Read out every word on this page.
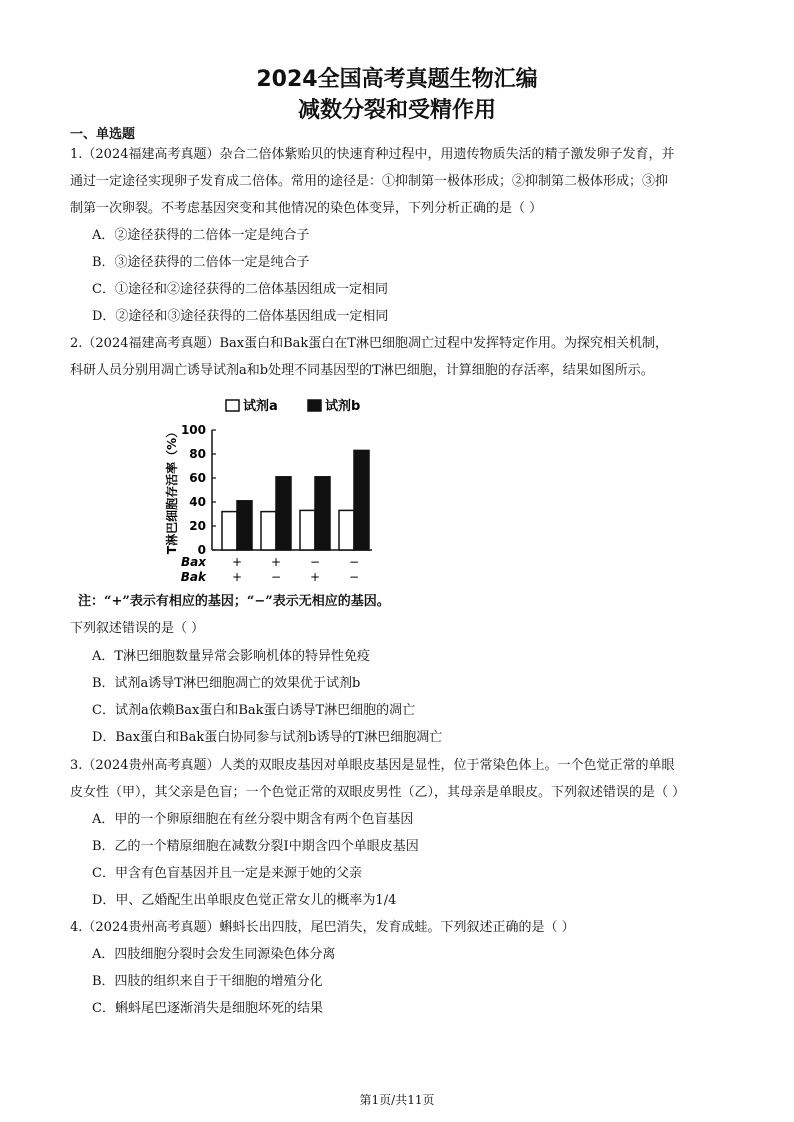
2024全国高考真题生物汇编
减数分裂和受精作用
一、单选题
1.（2024福建高考真题）杂合二倍体紫贻贝的快速育种过程中，用遗传物质失活的精子激发卵子发育，并
通过一定途径实现卵子发育成二倍体。常用的途径是：①抑制第一极体形成；②抑制第二极体形成；③抑
制第一次卵裂。不考虑基因突变和其他情况的染色体变异，下列分析正确的是（ ）
A．②途径获得的二倍体一定是纯合子
B．③途径获得的二倍体一定是纯合子
C．①途径和②途径获得的二倍体基因组成一定相同
D．②途径和③途径获得的二倍体基因组成一定相同
2.（2024福建高考真题）Bax蛋白和Bak蛋白在T淋巴细胞凋亡过程中发挥特定作用。为探究相关机制，
科研人员分别用凋亡诱导试剂a和b处理不同基因型的T淋巴细胞，计算细胞的存活率，结果如图所示。
试剂a	试剂b
0
20
40
60
80
100
T淋巴细胞存活率（%）
+
+
+
−
−
+
−
−
Bax
Bak
注：“+”表示有相应的基因；“−”表示无相应的基因。
下列叙述错误的是（ ）
A．T淋巴细胞数量异常会影响机体的特异性免疫
B．试剂a诱导T淋巴细胞凋亡的效果优于试剂b
C．试剂a依赖Bax蛋白和Bak蛋白诱导T淋巴细胞的凋亡
D．Bax蛋白和Bak蛋白协同参与试剂b诱导的T淋巴细胞凋亡
3.（2024贵州高考真题）人类的双眼皮基因对单眼皮基因是显性，位于常染色体上。一个色觉正常的单眼
皮女性（甲），其父亲是色盲；一个色觉正常的双眼皮男性（乙），其母亲是单眼皮。下列叙述错误的是（ ）
A．甲的一个卵原细胞在有丝分裂中期含有两个色盲基因
B．乙的一个精原细胞在减数分裂Ⅰ中期含四个单眼皮基因
C．甲含有色盲基因并且一定是来源于她的父亲
D．甲、乙婚配生出单眼皮色觉正常女儿的概率为1/4
4.（2024贵州高考真题）蝌蚪长出四肢，尾巴消失，发育成蛙。下列叙述正确的是（ ）
A．四肢细胞分裂时会发生同源染色体分离
B．四肢的组织来自于干细胞的增殖分化
C．蝌蚪尾巴逐渐消失是细胞坏死的结果
第1页/共11页
